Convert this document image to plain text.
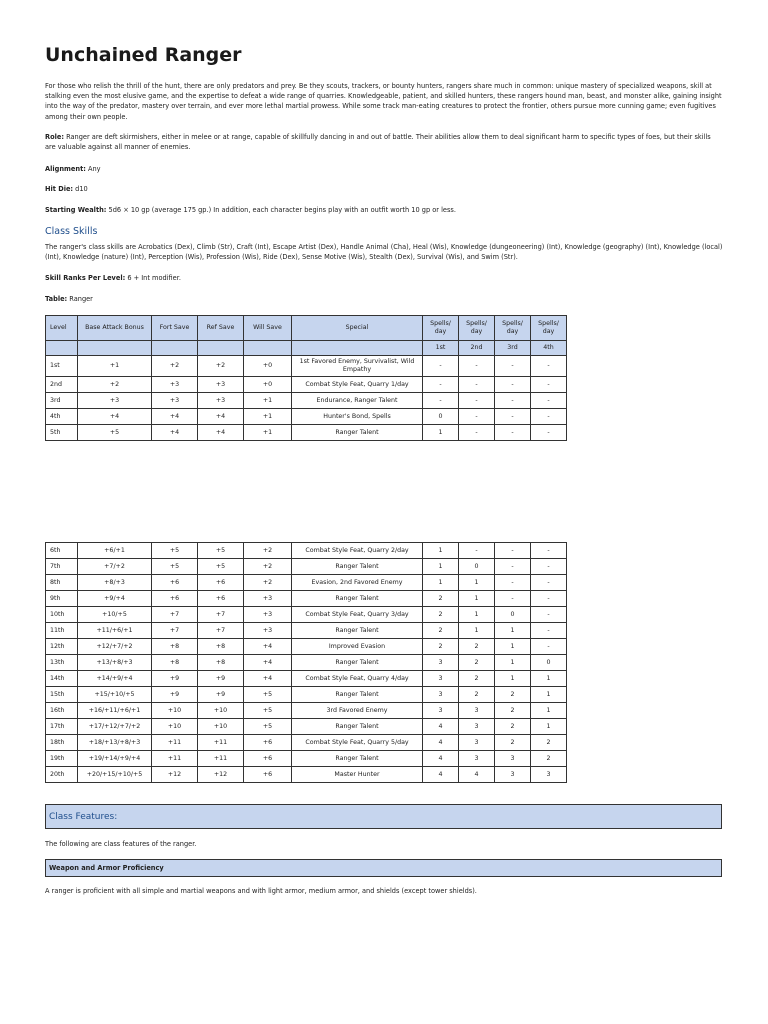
Unchained Ranger

For those who relish the thrill of the hunt, there are only predators and prey. Be they scouts, trackers, or bounty hunters, rangers share much in common: unique mastery of specialized weapons, skill at stalking even the most elusive game, and the expertise to defeat a wide range of quarries. Knowledgeable, patient, and skilled hunters, these rangers hound man, beast, and monster alike, gaining insight into the way of the predator, mastery over terrain, and ever more lethal martial prowess. While some track man-eating creatures to protect the frontier, others pursue more cunning game; even fugitives among their own people.

Role: Ranger are deft skirmishers, either in melee or at range, capable of skillfully dancing in and out of battle. Their abilities allow them to deal significant harm to specific types of foes, but their skills are valuable against all manner of enemies.

Alignment: Any

Hit Die: d10

Starting Wealth: 5d6 × 10 gp (average 175 gp.) In addition, each character begins play with an outfit worth 10 gp or less.

Class Skills

The ranger's class skills are Acrobatics (Dex), Climb (Str), Craft (Int), Escape Artist (Dex), Handle Animal (Cha), Heal (Wis), Knowledge (dungeoneering) (Int), Knowledge (geography) (Int), Knowledge (local) (Int), Knowledge (nature) (Int), Perception (Wis), Profession (Wis), Ride (Dex), Sense Motive (Wis), Stealth (Dex), Survival (Wis), and Swim (Str).

Skill Ranks Per Level: 6 + Int modifier.

Table: Ranger

Level	Base Attack Bonus	Fort Save	Ref Save	Will Save	Special	Spells/ day	Spells/ day	Spells/ day	Spells/ day
						1st	2nd	3rd	4th
1st	+1	+2	+2	+0	1st Favored Enemy, Survivalist, Wild Empathy	-	-	-	-
2nd	+2	+3	+3	+0	Combat Style Feat, Quarry 1/day	-	-	-	-
3rd	+3	+3	+3	+1	Endurance, Ranger Talent	-	-	-	-
4th	+4	+4	+4	+1	Hunter's Bond, Spells	0	-	-	-
5th	+5	+4	+4	+1	Ranger Talent	1	-	-	-
6th	+6/+1	+5	+5	+2	Combat Style Feat, Quarry 2/day	1	-	-	-
7th	+7/+2	+5	+5	+2	Ranger Talent	1	0	-	-
8th	+8/+3	+6	+6	+2	Evasion, 2nd Favored Enemy	1	1	-	-
9th	+9/+4	+6	+6	+3	Ranger Talent	2	1	-	-
10th	+10/+5	+7	+7	+3	Combat Style Feat, Quarry 3/day	2	1	0	-
11th	+11/+6/+1	+7	+7	+3	Ranger Talent	2	1	1	-
12th	+12/+7/+2	+8	+8	+4	Improved Evasion	2	2	1	-
13th	+13/+8/+3	+8	+8	+4	Ranger Talent	3	2	1	0
14th	+14/+9/+4	+9	+9	+4	Combat Style Feat, Quarry 4/day	3	2	1	1
15th	+15/+10/+5	+9	+9	+5	Ranger Talent	3	2	2	1
16th	+16/+11/+6/+1	+10	+10	+5	3rd Favored Enemy	3	3	2	1
17th	+17/+12/+7/+2	+10	+10	+5	Ranger Talent	4	3	2	1
18th	+18/+13/+8/+3	+11	+11	+6	Combat Style Feat, Quarry 5/day	4	3	2	2
19th	+19/+14/+9/+4	+11	+11	+6	Ranger Talent	4	3	3	2
20th	+20/+15/+10/+5	+12	+12	+6	Master Hunter	4	4	3	3
Class Features:

The following are class features of the ranger.

Weapon and Armor Proficiency

A ranger is proficient with all simple and martial weapons and with light armor, medium armor, and shields (except tower shields).
